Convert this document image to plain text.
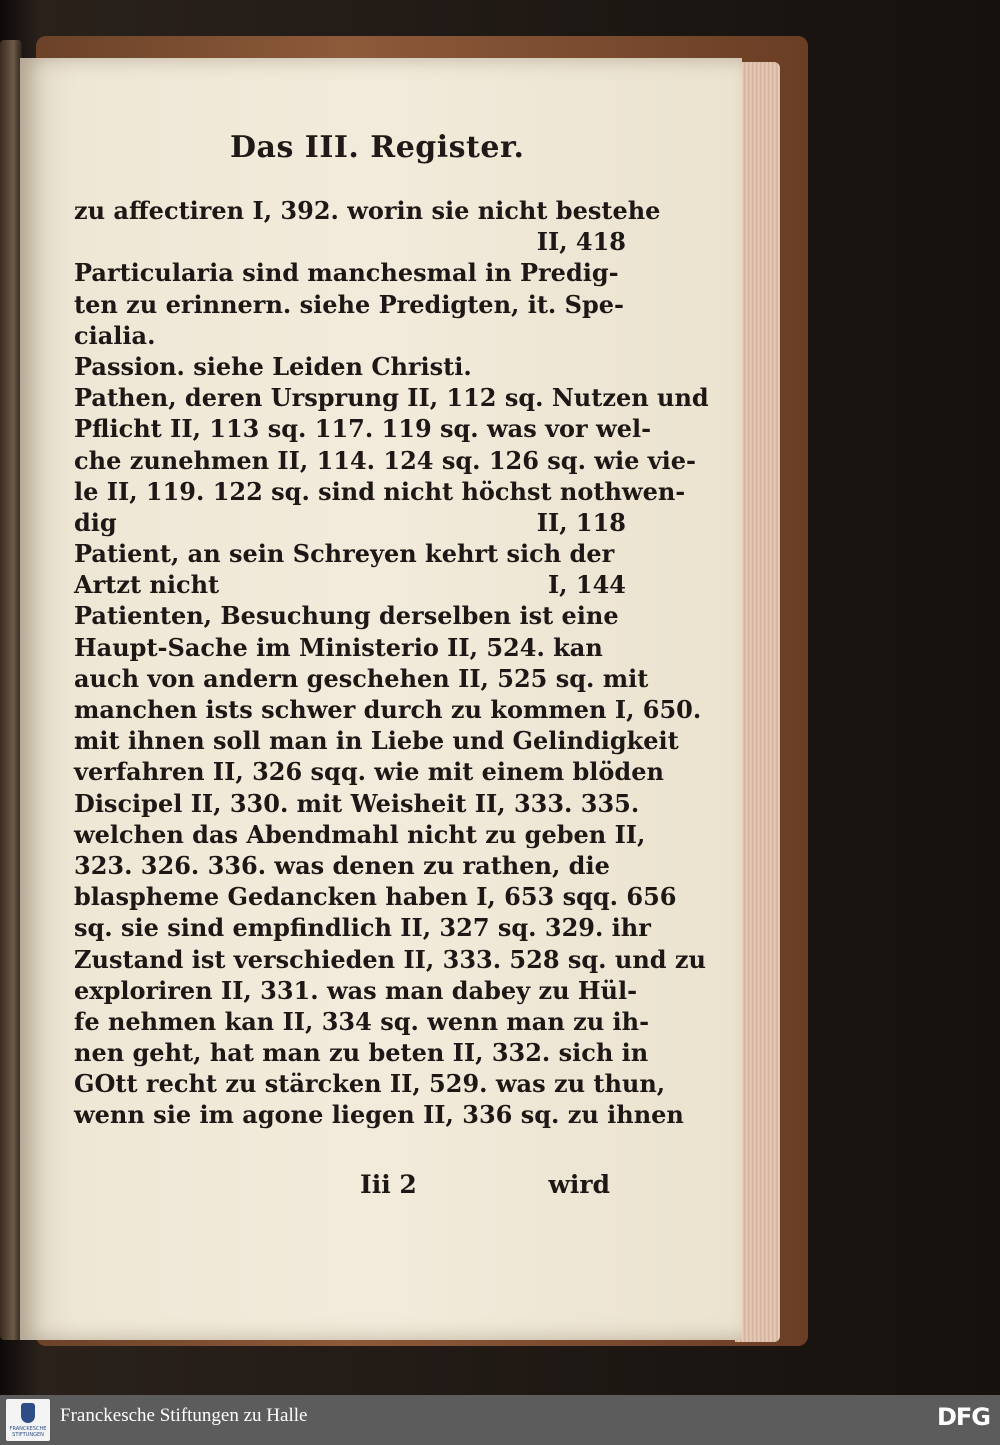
Das III. Register.
zu affectiren I, 392. worin sie nicht bestehe
II, 418
Particularia sind manchesmal in Predig-
ten zu erinnern. siehe Predigten, it. Spe-
cialia.
Passion. siehe Leiden Christi.
Pathen, deren Ursprung II, 112 sq. Nutzen und
Pflicht II, 113 sq. 117. 119 sq. was vor wel-
che zunehmen II, 114. 124 sq. 126 sq. wie vie-
le II, 119. 122 sq. sind nicht höchst nothwen-
dig	II, 118
Patient, an sein Schreyen kehrt sich der
Artzt nicht	I, 144
Patienten, Besuchung derselben ist eine
Haupt-Sache im Ministerio II, 524. kan
auch von andern geschehen II, 525 sq. mit
manchen ists schwer durch zu kommen I, 650.
mit ihnen soll man in Liebe und Gelindigkeit
verfahren II, 326 sqq. wie mit einem blöden
Discipel II, 330. mit Weisheit II, 333. 335.
welchen das Abendmahl nicht zu geben II,
323. 326. 336. was denen zu rathen, die
blaspheme Gedancken haben I, 653 sqq. 656
sq. sie sind empfindlich II, 327 sq. 329. ihr
Zustand ist verschieden II, 333. 528 sq. und zu
exploriren II, 331. was man dabey zu Hül-
fe nehmen kan II, 334 sq. wenn man zu ih-
nen geht, hat man zu beten II, 332. sich in
GOtt recht zu stärcken II, 529. was zu thun,
wenn sie im agone liegen II, 336 sq. zu ihnen
Iii 2	wird
FRANCKESCHE STIFTUNGEN
Franckesche Stiftungen zu Halle	DFG
